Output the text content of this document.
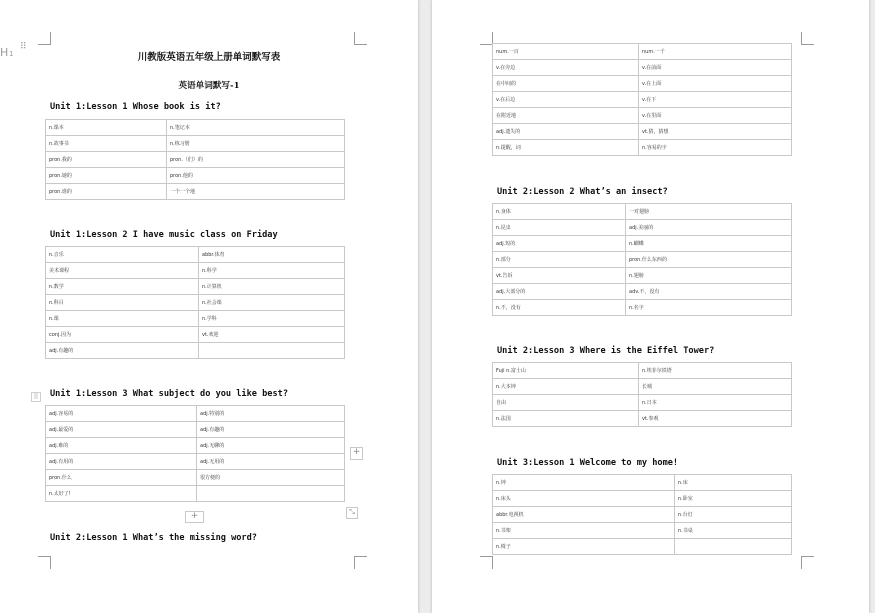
H 1
⠿
川教版英语五年级上册单词默写表
英语单词默写-1
Unit 1:Lesson 1 Whose book is it?
n.课本	n.笔记本
n.故事书	n.练习册
pron.我的	pron.（们）的
pron.她的	pron.他的
pron.谁的	一个一个地
Unit 1:Lesson 2 I have music class on Friday
n.音乐	abbr.体育
美术课程	n.科学
n.数学	n.计算机
n.科目	n.社会课
n.课	n.学科
conj.因为	vt.欢迎
adj.有趣的	
⠿ Unit 1:Lesson 3 What subject do you like best?
adj.容易的	adj.特别的
adj.最爱的	adj.有趣的
adj.难的	adj.无聊的
adj.有用的	adj.无用的
pron.什么	很方便的
n.太好了!	
+
+	⤡
Unit 2:Lesson 1 What’s the missing word?
num.一百	num.一千
v.在旁边	v.在前面
在中间的	v.在上面
v.在后边	v.在下
在附近地	v.在里面
adj.遗失的	vt.猜，猜想
n.提醒，词	n.容易的字
Unit 2:Lesson 2 What’s an insect?
n.身体	一对翅膀
n.昆虫	adj.美丽的
adj.短的	n.蝴蝶
n.部分	pron.什么东西的
vt.告诉	n.翅膀
adj.大部分的	adv.不，没有
n.不，没有	n.名字
Unit 2:Lesson 3 Where is the Eiffel Tower?
Fuji n.富士山	n.埃菲尔铁塔
n.大本钟	长城
自由	n.日本
n.法国	vt.参观
Unit 3:Lesson 1 Welcome to my home!
n.钟	n.床
n.床头	n.卧室
abbr.电视机	n.台灯
n.书架	n.书桌
n.椅子	
